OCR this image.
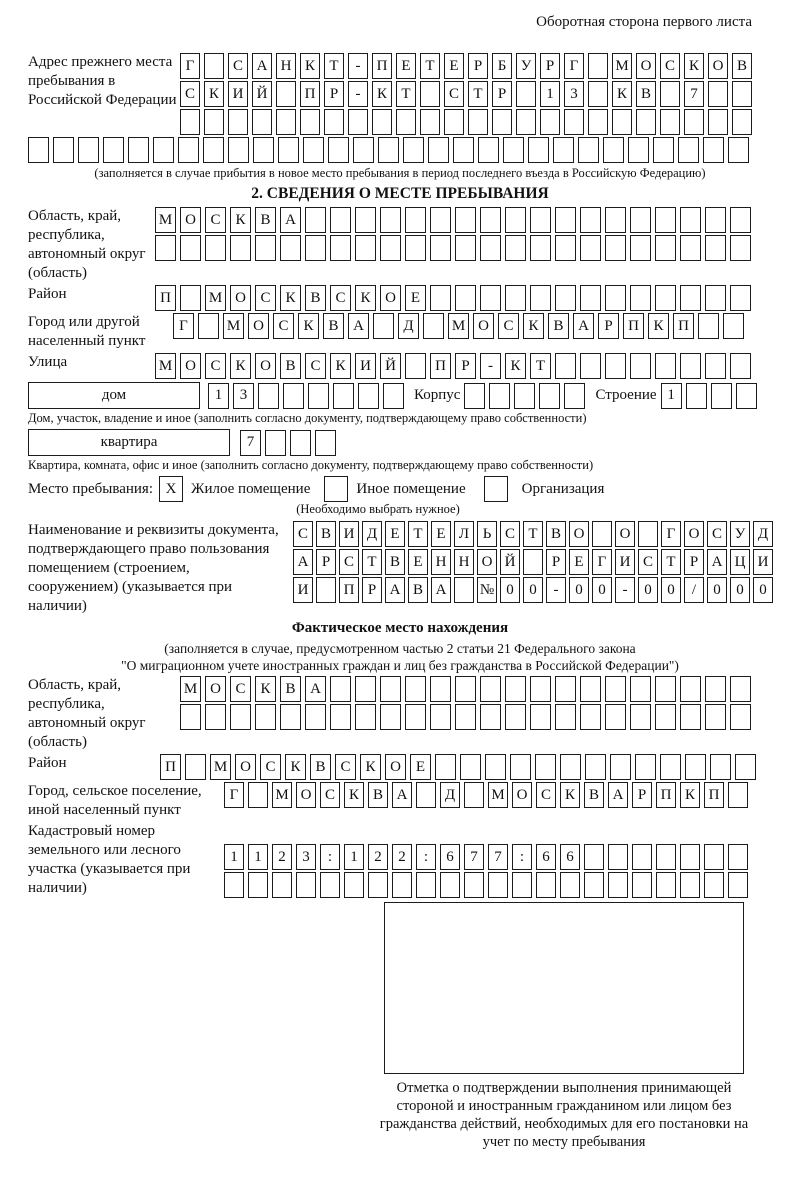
Оборотная сторона первого листа
Адрес прежнего места пребывания в Российской Федерации
Г	С А Н К Т	-	П Е Т Е	Р	Б У Р	Г	М О С К О В
С К И Й	П Р	-	К Т	С Т	Р	1	3	К В	7
(заполняется в случае прибытия в новое место пребывания в период последнего въезда в Российскую Федерацию)
2. СВЕДЕНИЯ О МЕСТЕ ПРЕБЫВАНИЯ
Область, край, республика, автономный округ (область)
М О С К В А
Район	П	М О С К В С К О Е
Город или другой населенный пункт
Г	М О С К В А	Д	М О С К В А	Р	П К П
Улица	М О С К О В С К И Й	П	Р	-	К	Т
дом	1	3	Корпус	Строение 1
Дом, участок, владение и иное (заполнить согласно документу, подтверждающему право собственности)
квартира	7
Квартира, комната, офис и иное (заполнить согласно документу, подтверждающему право собственности)
Место пребывания: X Жилое помещение	Иное помещение	Организация
(Необходимо выбрать нужное)
Наименование и реквизиты документа, подтверждающего право пользования помещением (строением, сооружением) (указывается при наличии)
С В И Д Е Т Е Л Ь С Т В О	О	Г О С У Д
А Р С Т В Е Н Н О Й	Р Е Г И С Т Р А Ц И
И	П Р А В А	№ 0	0	-	0	0	-	0	0	/	0	0	0
Фактическое место нахождения
(заполняется в случае, предусмотренном частью 2 статьи 21 Федерального закона
"О миграционном учете иностранных граждан и лиц без гражданства в Российской Федерации")
Область, край, республика, автономный округ (область)
М О С К В А
Район	П	М О С К В С К О Е
Город, сельское поселение, иной населенный пункт
Г	М О С К В А	Д	М О С К В А Р П К П
Кадастровый номер земельного или лесного участка (указывается при наличии)
1	1	2	3	:	1	2	2	:	6	7	7	:	6	6
Отметка о подтверждении выполнения принимающей стороной и иностранным гражданином или лицом без гражданства действий, необходимых для его постановки на учет по месту пребывания
